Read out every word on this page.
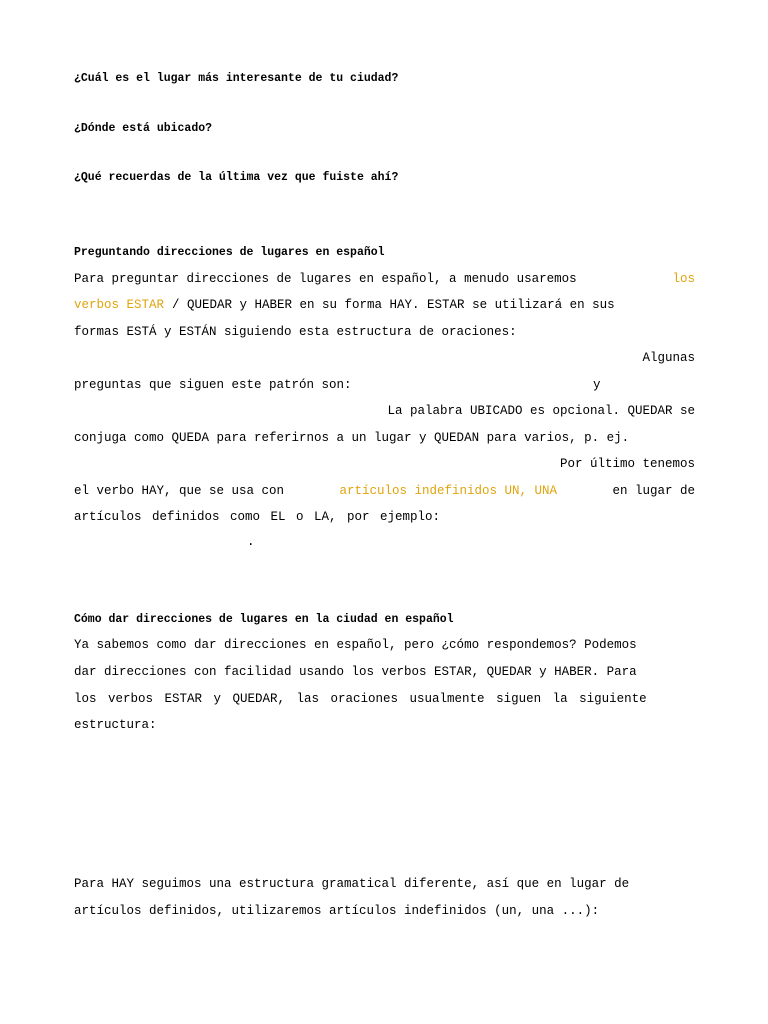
¿Cuál es el lugar más interesante de tu ciudad?
¿Dónde está ubicado?
¿Qué recuerdas de la última vez que fuiste ahí?
Preguntando direcciones de lugares en español
Para preguntar direcciones de lugares en español, a menudo usaremos	los
verbos ESTAR / QUEDAR y HABER en su forma HAY. ESTAR se utilizará en sus
formas ESTÁ y ESTÁN siguiendo esta estructura de oraciones:
Algunas
preguntas que siguen este patrón son:	y
La palabra UBICADO es opcional. QUEDAR se
conjuga como QUEDA para referirnos a un lugar y QUEDAN para varios, p. ej.
Por último tenemos
el verbo HAY, que se usa con	artículos indefinidos UN, UNA	en lugar de
artículos definidos como EL o LA, por ejemplo:
.
Cómo dar direcciones de lugares en la ciudad en español
Ya sabemos como dar direcciones en español, pero ¿cómo respondemos? Podemos
dar direcciones con facilidad usando los verbos ESTAR, QUEDAR y HABER. Para
los verbos ESTAR y QUEDAR, las oraciones usualmente siguen la siguiente
estructura:
Para HAY seguimos una estructura gramatical diferente, así que en lugar de
artículos definidos, utilizaremos artículos indefinidos (un, una ...):
